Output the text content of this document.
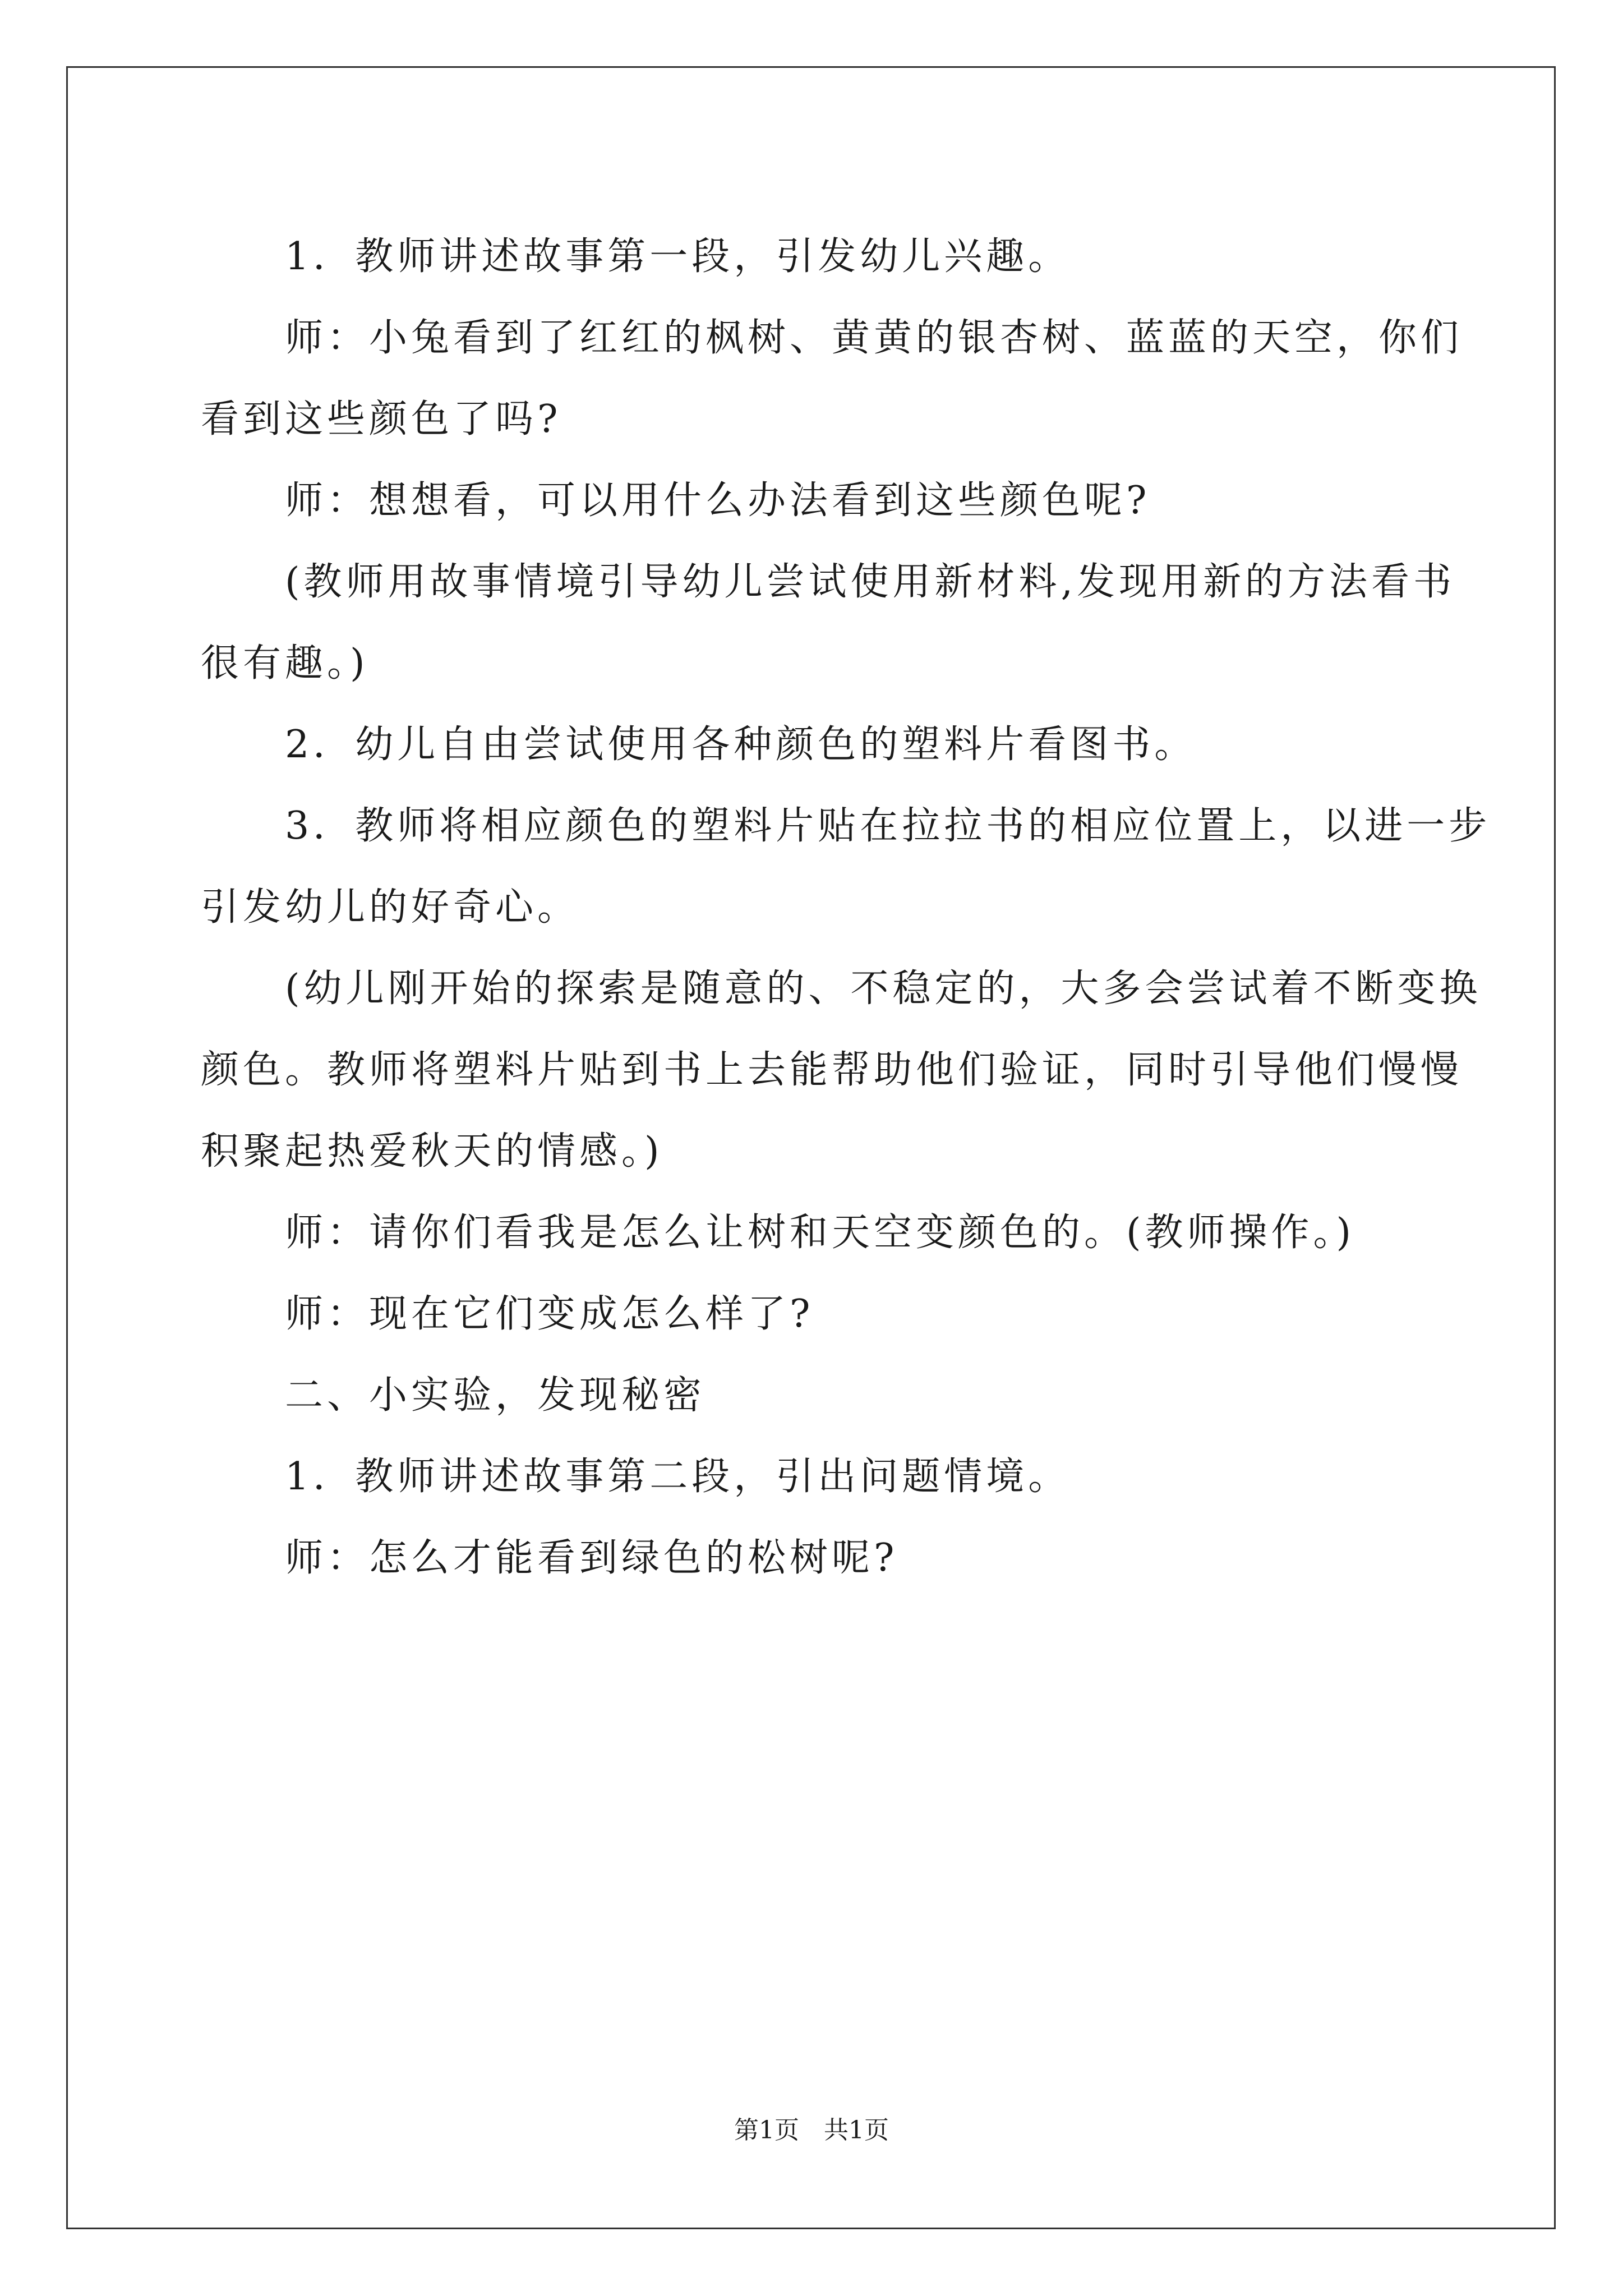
1．教师讲述故事第一段，引发幼儿兴趣。

师：小兔看到了红红的枫树、黄黄的银杏树、蓝蓝的天空，你们

看到这些颜色了吗?

师：想想看，可以用什么办法看到这些颜色呢?

(教师用故事情境引导幼儿尝试使用新材料,发现用新的方法看书

很有趣。)

2．幼儿自由尝试使用各种颜色的塑料片看图书。

3．教师将相应颜色的塑料片贴在拉拉书的相应位置上，以进一步

引发幼儿的好奇心。

(幼儿刚开始的探索是随意的、不稳定的，大多会尝试着不断变换

颜色。教师将塑料片贴到书上去能帮助他们验证，同时引导他们慢慢

积聚起热爱秋天的情感。)

师：请你们看我是怎么让树和天空变颜色的。(教师操作。)

师：现在它们变成怎么样了?

二、小实验，发现秘密

1．教师讲述故事第二段，引出问题情境。

师：怎么才能看到绿色的松树呢?

第1页　共1页
